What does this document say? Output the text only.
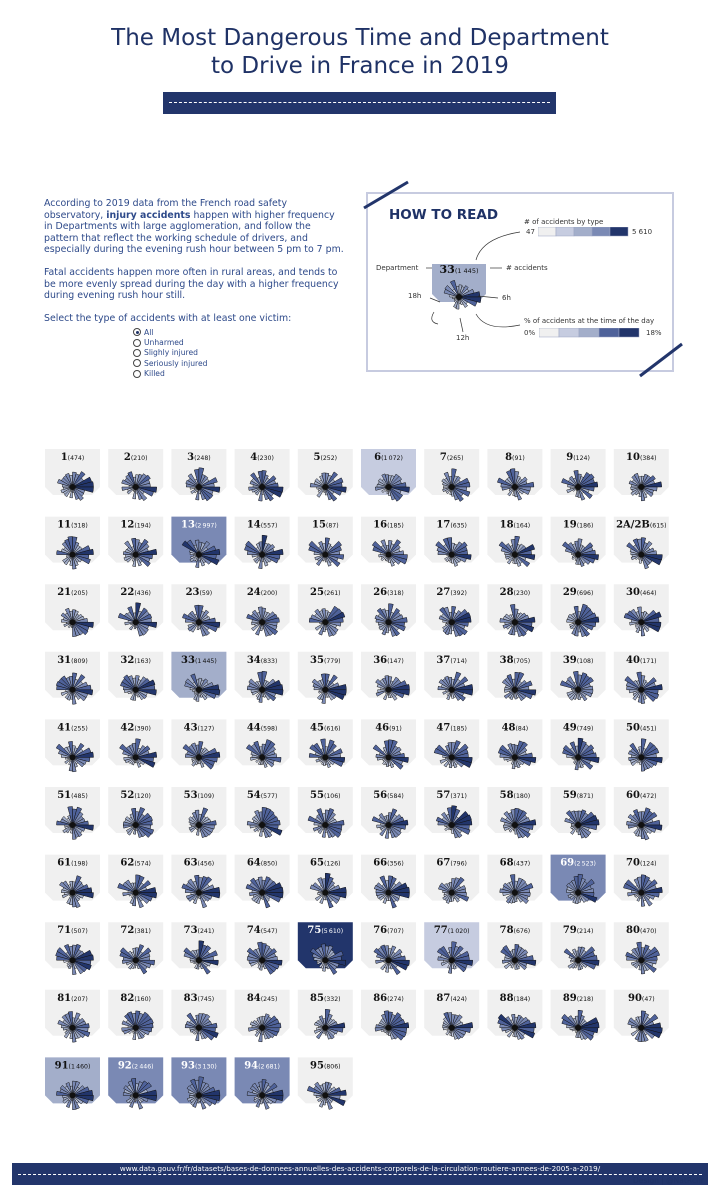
The Most Dangerous Time and Department
to Drive in France in 2019

According to 2019 data from the French road safety observatory, injury accidents happen with higher frequency in Departments with large agglomeration, and follow the pattern that reflect the working schedule of drivers, and especially during the evening rush hour between 5 pm to 7 pm.

Fatal accidents happen more often in rural areas, and tends to be more evenly spread during the day with a higher frequency during evening rush hour still.

Select the type of accidents with at least one victim:

All
Unharmed
Slighly injured
Seriously injured
Killed
HOW TO READ	# of accidents by type
47	5 610
Department	# accidents
6h
18h
12h
% of accidents at the time of the day
0%	18%
33(1 445)
1(474)	2(210)	3(248)	4(230)	5(252)	6(1 072)	7(265)	8(91)	9(124)	10(384)
11(318)	12(194)	13(2 997)	14(557)	15(87)	16(185)	17(635)	18(164)	19(186) 2A/2B(615)
21(205)	22(436)	23(59)	24(200)	25(261)	26(318)	27(392)	28(230)	29(696)	30(464)
31(809)	32(163)	33(1 445)	34(833)	35(779)	36(147)	37(714)	38(705)	39(108)	40(171)
41(255)	42(390)	43(127)	44(598)	45(616)	46(91)	47(185)	48(84)	49(749)	50(451)
51(485)	52(120)	53(109)	54(577)	55(106)	56(584)	57(371)	58(180)	59(871)	60(472)
61(198)	62(574)	63(456)	64(850)	65(126)	66(356)	67(796)	68(437)	69(2 523)	70(124)
71(507)	72(381)	73(241)	74(547)	75(5 610)	76(707)	77(1 020)	78(676)	79(214)	80(470)
81(207)	82(160)	83(745)	84(245)	85(332)	86(274)	87(424)	88(184)	89(218)	90(47)
91(1 460)	92(2 446)	93(3 130)	94(2 681)	95(806)
www.data.gouv.fr/fr/datasets/bases-de-donnees-annuelles-des-accidents-corporels-de-la-circulation-routiere-annees-de-2005-a-2019/
Design | @NatRchr
